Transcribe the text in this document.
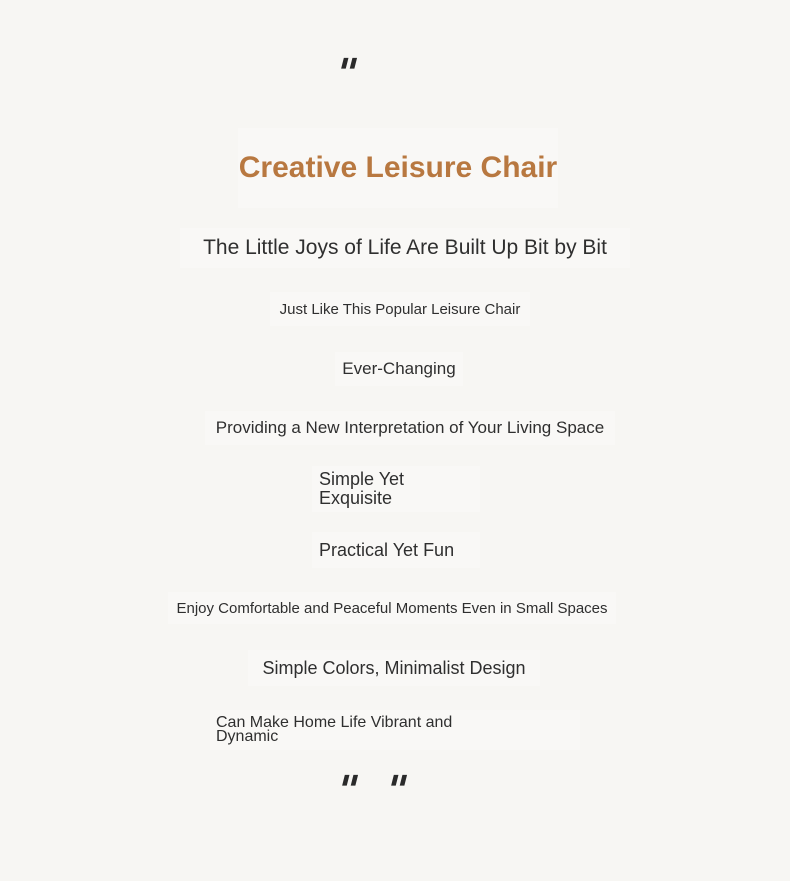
"
Creative Leisure Chair
The Little Joys of Life Are Built Up Bit by Bit
Just Like This Popular Leisure Chair
Ever-Changing
Providing a New Interpretation of Your Living Space
Simple Yet Exquisite
Practical Yet Fun
Enjoy Comfortable and Peaceful Moments Even in Small Spaces
Simple Colors, Minimalist Design
Can Make Home Life Vibrant and Dynamic
" "
